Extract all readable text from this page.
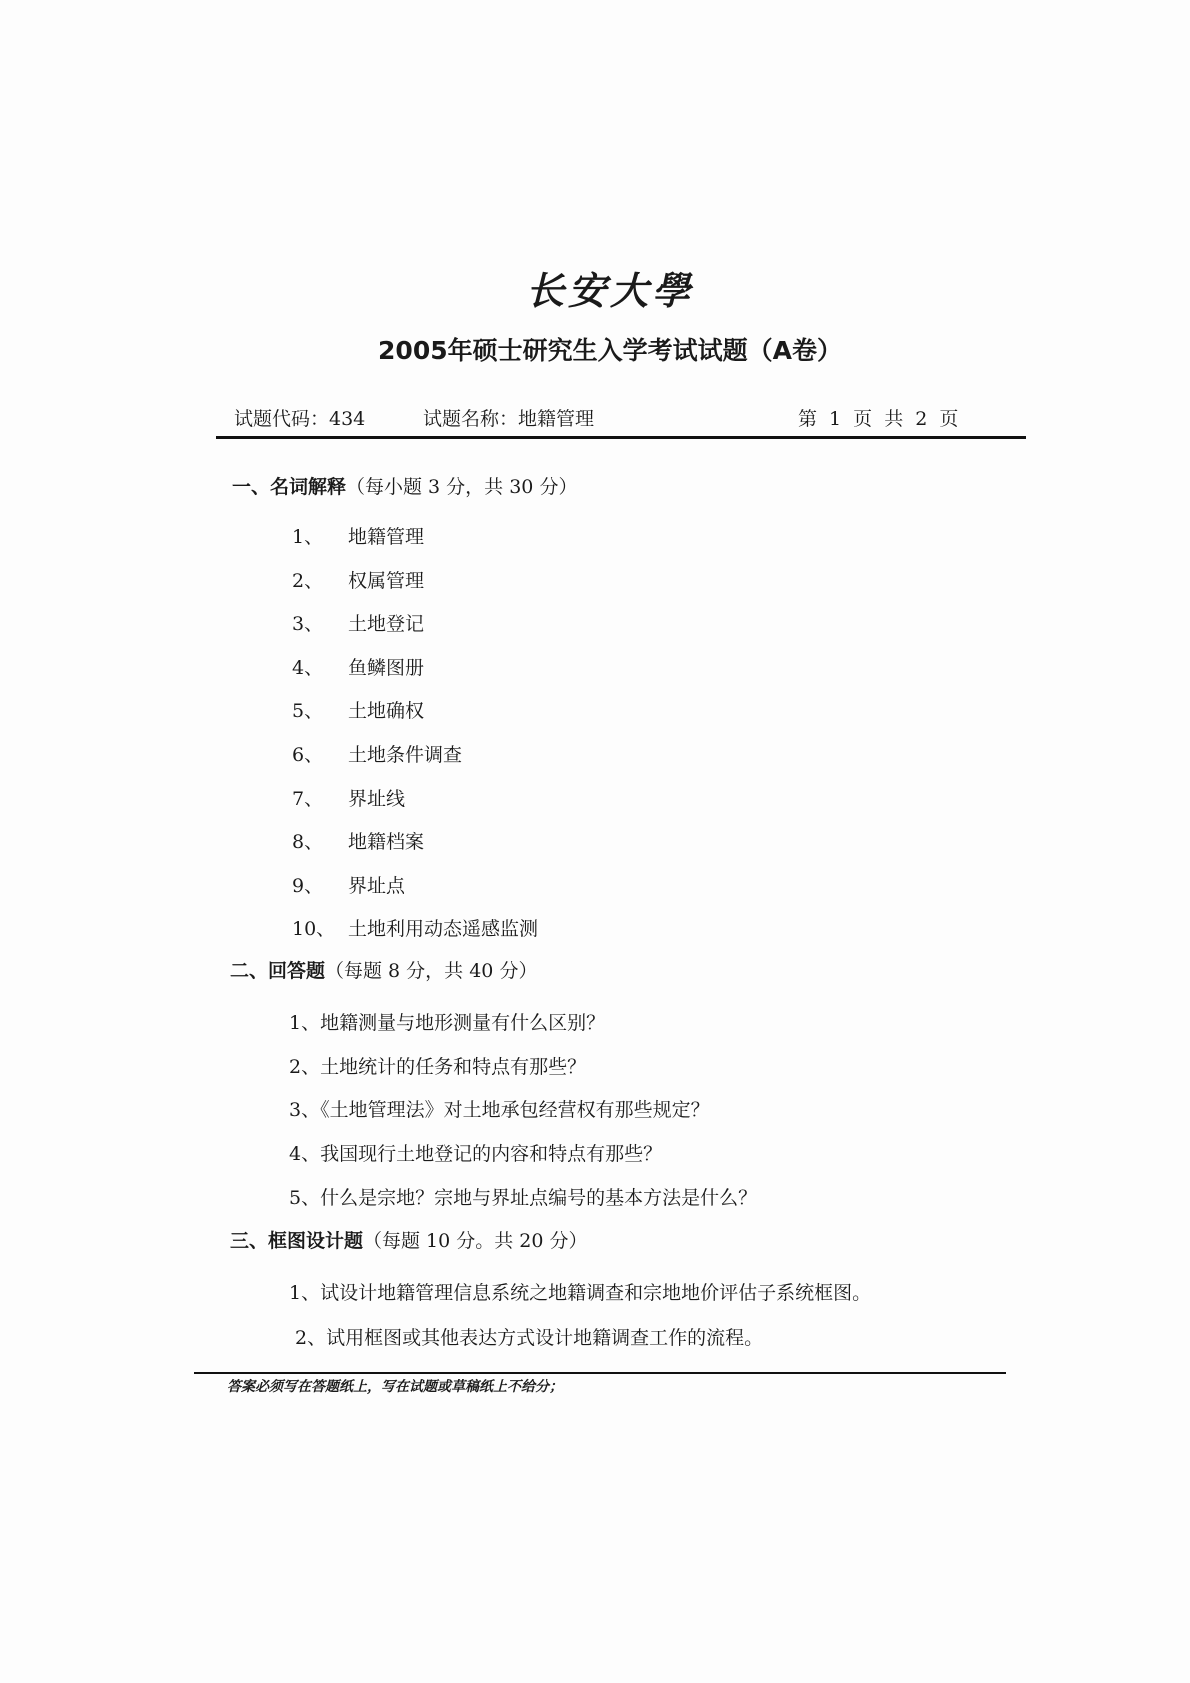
长安大學
2005年硕士研究生入学考试试题（A卷）
试题代码：434	试题名称：地籍管理	第 1 页 共 2 页
一、名词解释（每小题 3 分，共 30 分）
1、 地籍管理
2、 权属管理
3、 土地登记
4、 鱼鳞图册
5、 土地确权
6、 土地条件调查
7、 界址线
8、 地籍档案
9、 界址点
10、 土地利用动态遥感监测
二、回答题（每题 8 分，共 40 分）
1、地籍测量与地形测量有什么区别？
2、土地统计的任务和特点有那些？
3、《土地管理法》对土地承包经营权有那些规定？
4、我国现行土地登记的内容和特点有那些？
5、什么是宗地？宗地与界址点编号的基本方法是什么？
三、框图设计题（每题 10 分。共 20 分）
1、试设计地籍管理信息系统之地籍调查和宗地地价评估子系统框图。
2、试用框图或其他表达方式设计地籍调查工作的流程。
答案必须写在答题纸上，写在试题或草稿纸上不给分；
